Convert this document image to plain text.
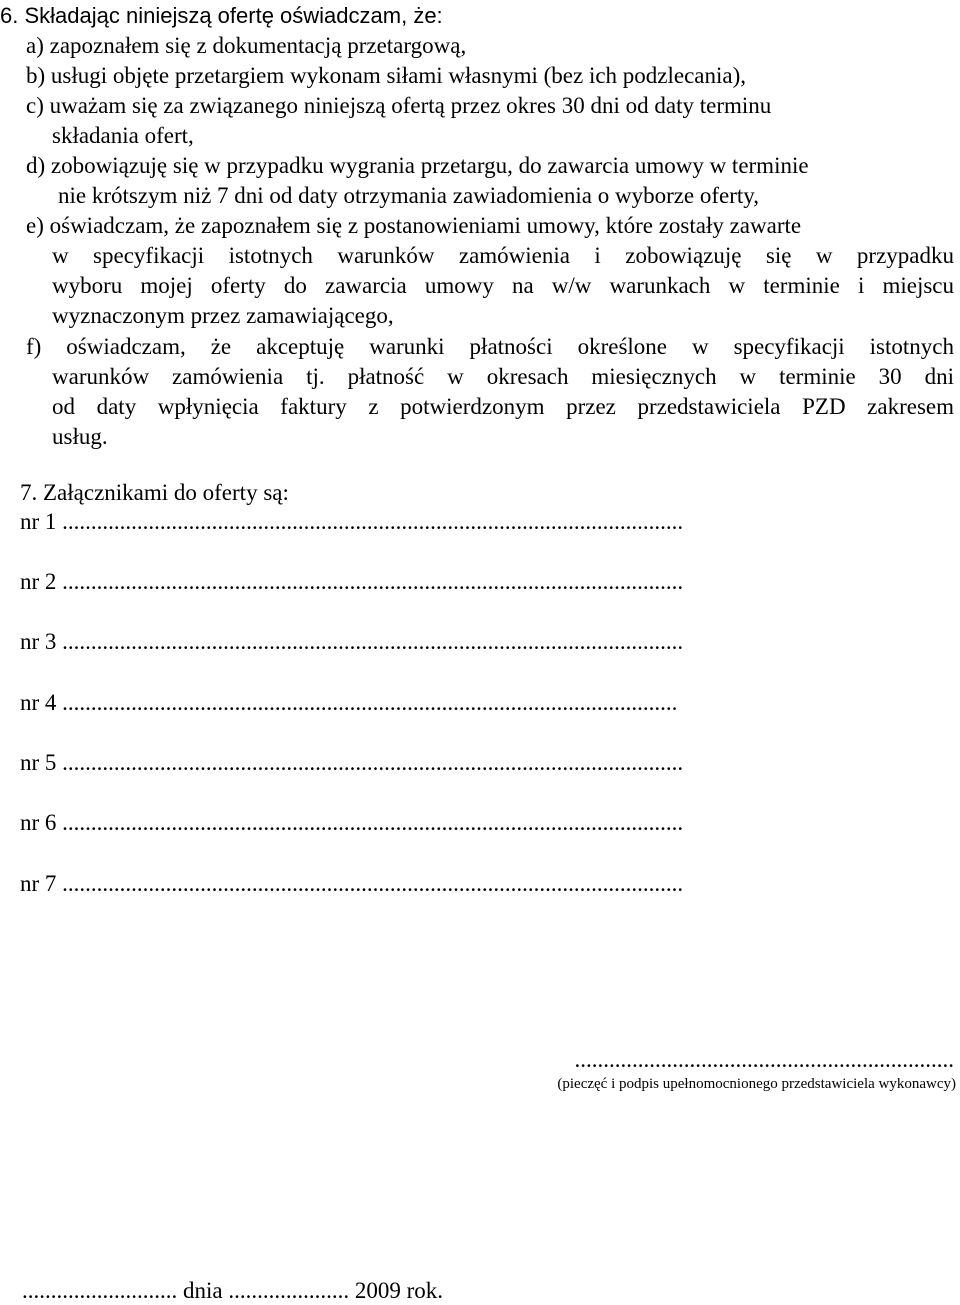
6. Składając niniejszą ofertę oświadczam, że:

a) zapoznałem się z dokumentacją przetargową,

b) usługi objęte przetargiem wykonam siłami własnymi (bez ich podzlecania),

c) uważam się za związanego niniejszą ofertą przez okres 30 dni od daty terminu

składania ofert,

d) zobowiązuję się w przypadku wygrania przetargu, do zawarcia umowy w terminie

nie krótszym niż 7 dni od daty otrzymania zawiadomienia o wyborze oferty,

e) oświadczam, że zapoznałem się z postanowieniami umowy, które zostały zawarte

w specyfikacji istotnych warunków zamówienia i zobowiązuję się w przypadku

wyboru mojej oferty do zawarcia umowy na w/w warunkach w terminie i miejscu

wyznaczonym przez zamawiającego,

f) oświadczam, że akceptuję warunki płatności określone w specyfikacji istotnych

warunków zamówienia tj. płatność w okresach miesięcznych w terminie 30 dni

od daty wpłynięcia faktury z potwierdzonym przez przedstawiciela PZD zakresem

usług.

7. Załącznikami do oferty są:

nr 1 ............................................................................................................

nr 2 ............................................................................................................

nr 3 ............................................................................................................

nr 4 ...........................................................................................................

nr 5 ............................................................................................................

nr 6 ............................................................................................................

nr 7 ............................................................................................................

..................................................................

(pieczęć i podpis upełnomocnionego przedstawiciela wykonawcy)

........................... dnia ..................... 2009 rok.
